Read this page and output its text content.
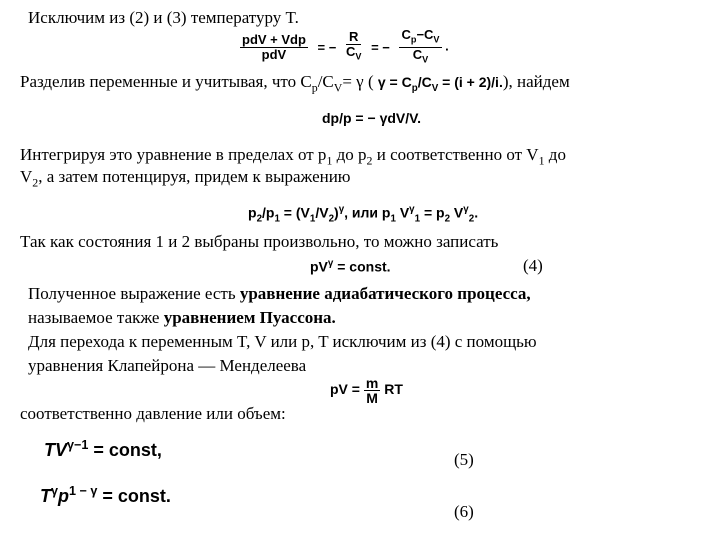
Исключим из (2) и (3) температуру T.
$\frac{\text{pdV + Vdp}}{\text{pdV}}$ = − $\frac{R}{C_V}$ = − $\frac{C_p-C_V}{C_V}$ .
Разделив переменные и учитывая, что $C_p/C_V= \gamma$ ( $\gamma = C_p/C_V = (i + 2)/i$.), найдем
dp/p = − γdV/V.
Интегрируя это уравнение в пределах от $p_1$ до $p_2$ и соответственно от $V_1$ до
$V_2$, а затем потенцируя, придем к выражению
$p_2/p_1 = (V_1/V_2)^\gamma$, или $p_1$ $V^\gamma_1 = p_2$ $V^\gamma_2$.
Так как состояния 1 и 2 выбраны произвольно, то можно записать
$pV^\gamma$ = const.	(4)
Полученное выражение есть уравнение адиабатического процесса,
называемое также уравнением Пуассона.
Для перехода к переменным T, V или p, T исключим из (4) с помощью
уравнения Клапейрона — Менделеева
pV = $\frac{m}{M}$ RT
соответственно давление или объем:
$TV^{\gamma-1}$ = const,	(5)
$T^\gamma p^{1 - \gamma}$ = const.
(6)
